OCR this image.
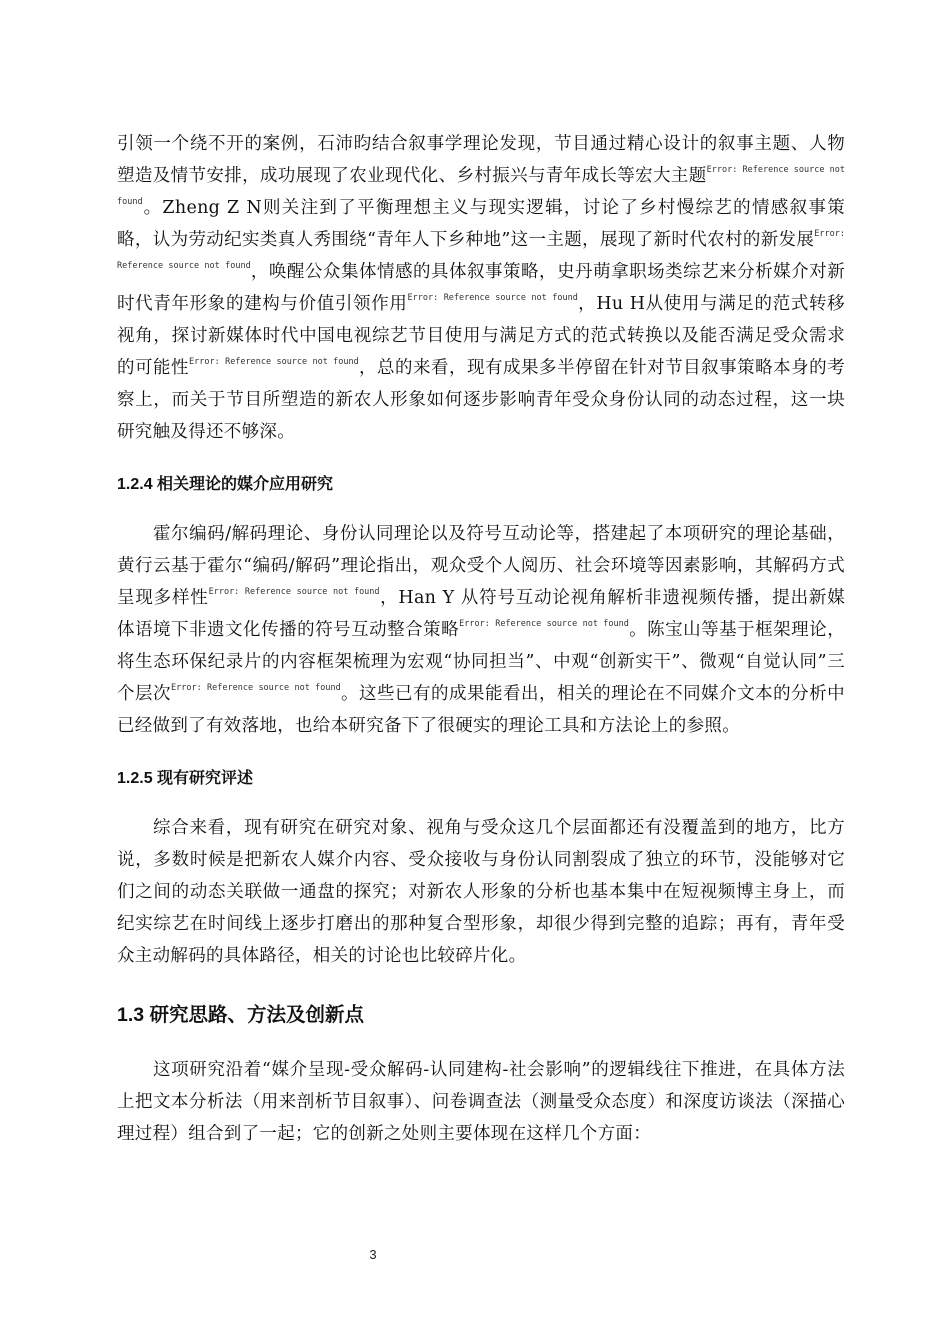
引领一个绕不开的案例，石沛昀结合叙事学理论发现，节目通过精心设计的叙事主题、人物塑造及情节安排，成功展现了农业现代化、乡村振兴与青年成长等宏大主题$^{Error: Reference source not found}$。Zheng Z N则关注到了平衡理想主义与现实逻辑，讨论了乡村慢综艺的情感叙事策略，认为劳动纪实类真人秀围绕“青年人下乡种地”这一主题，展现了新时代农村的新发展$^{Error: Reference source not found}$，唤醒公众集体情感的具体叙事策略，史丹萌拿职场类综艺来分析媒介对新时代青年形象的建构与价值引领作用$^{Error: Reference source not found}$，Hu H从使用与满足的范式转移视角，探讨新媒体时代中国电视综艺节目使用与满足方式的范式转换以及能否满足受众需求的可能性$^{Error: Reference source not found}$，总的来看，现有成果多半停留在针对节目叙事策略本身的考察上，而关于节目所塑造的新农人形象如何逐步影响青年受众身份认同的动态过程，这一块研究触及得还不够深。

1.2.4 相关理论的媒介应用研究

霍尔编码/解码理论、身份认同理论以及符号互动论等，搭建起了本项研究的理论基础，黄行云基于霍尔“编码/解码”理论指出，观众受个人阅历、社会环境等因素影响，其解码方式呈现多样性$^{Error: Reference source not found}$，Han Y 从符号互动论视角解析非遗视频传播，提出新媒体语境下非遗文化传播的符号互动整合策略$^{Error: Reference source not found}$。陈宝山等基于框架理论，将生态环保纪录片的内容框架梳理为宏观“协同担当”、中观“创新实干”、微观“自觉认同”三个层次$^{Error: Reference source not found}$。这些已有的成果能看出，相关的理论在不同媒介文本的分析中已经做到了有效落地，也给本研究备下了很硬实的理论工具和方法论上的参照。

1.2.5 现有研究评述

综合来看，现有研究在研究对象、视角与受众这几个层面都还有没覆盖到的地方，比方说，多数时候是把新农人媒介内容、受众接收与身份认同割裂成了独立的环节，没能够对它们之间的动态关联做一通盘的探究；对新农人形象的分析也基本集中在短视频博主身上，而纪实综艺在时间线上逐步打磨出的那种复合型形象，却很少得到完整的追踪；再有，青年受众主动解码的具体路径，相关的讨论也比较碎片化。

1.3 研究思路、方法及创新点

这项研究沿着“媒介呈现-受众解码-认同建构-社会影响”的逻辑线往下推进，在具体方法上把文本分析法（用来剖析节目叙事）、问卷调查法（测量受众态度）和深度访谈法（深描心理过程）组合到了一起；它的创新之处则主要体现在这样几个方面：

3
